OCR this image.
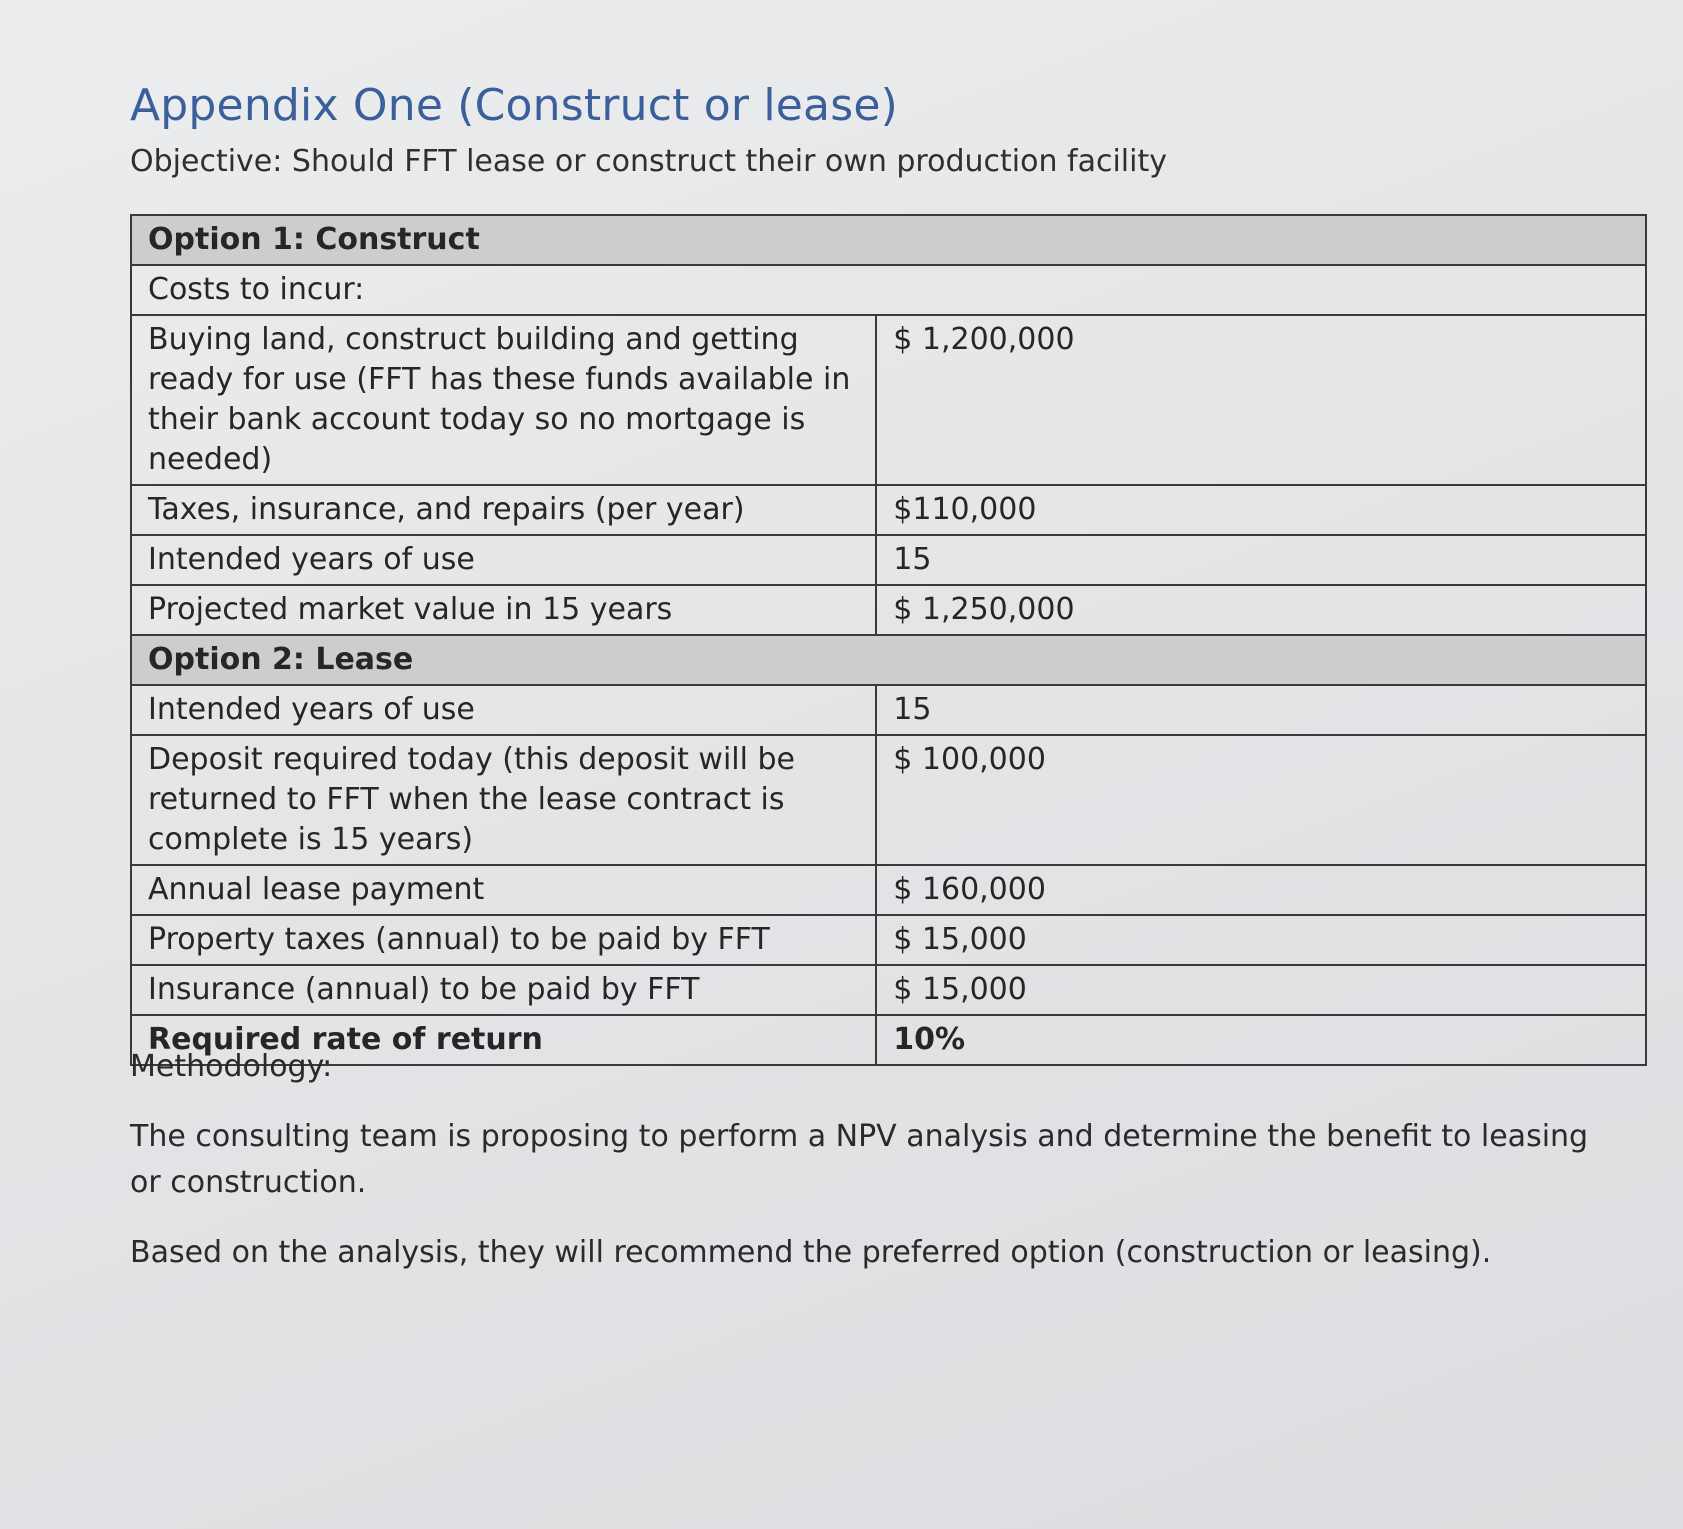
Appendix One (Construct or lease)

Objective: Should FFT lease or construct their own production facility

Option 1: Construct	
Costs to incur:	
Buying land, construct building and getting ready for use (FFT has these funds available in their bank account today so no mortgage is needed)	$ 1,200,000
Taxes, insurance, and repairs (per year)	$110,000
Intended years of use	15
Projected market value in 15 years	$ 1,250,000
Option 2: Lease	
Intended years of use	15
Deposit required today (this deposit will be returned to FFT when the lease contract is complete is 15 years)	$ 100,000
Annual lease payment	$ 160,000
Property taxes (annual) to be paid by FFT	$ 15,000
Insurance (annual) to be paid by FFT	$ 15,000
Required rate of return	10%

Methodology:

The consulting team is proposing to perform a NPV analysis and determine the benefit to leasing or construction.

Based on the analysis, they will recommend the preferred option (construction or leasing).
